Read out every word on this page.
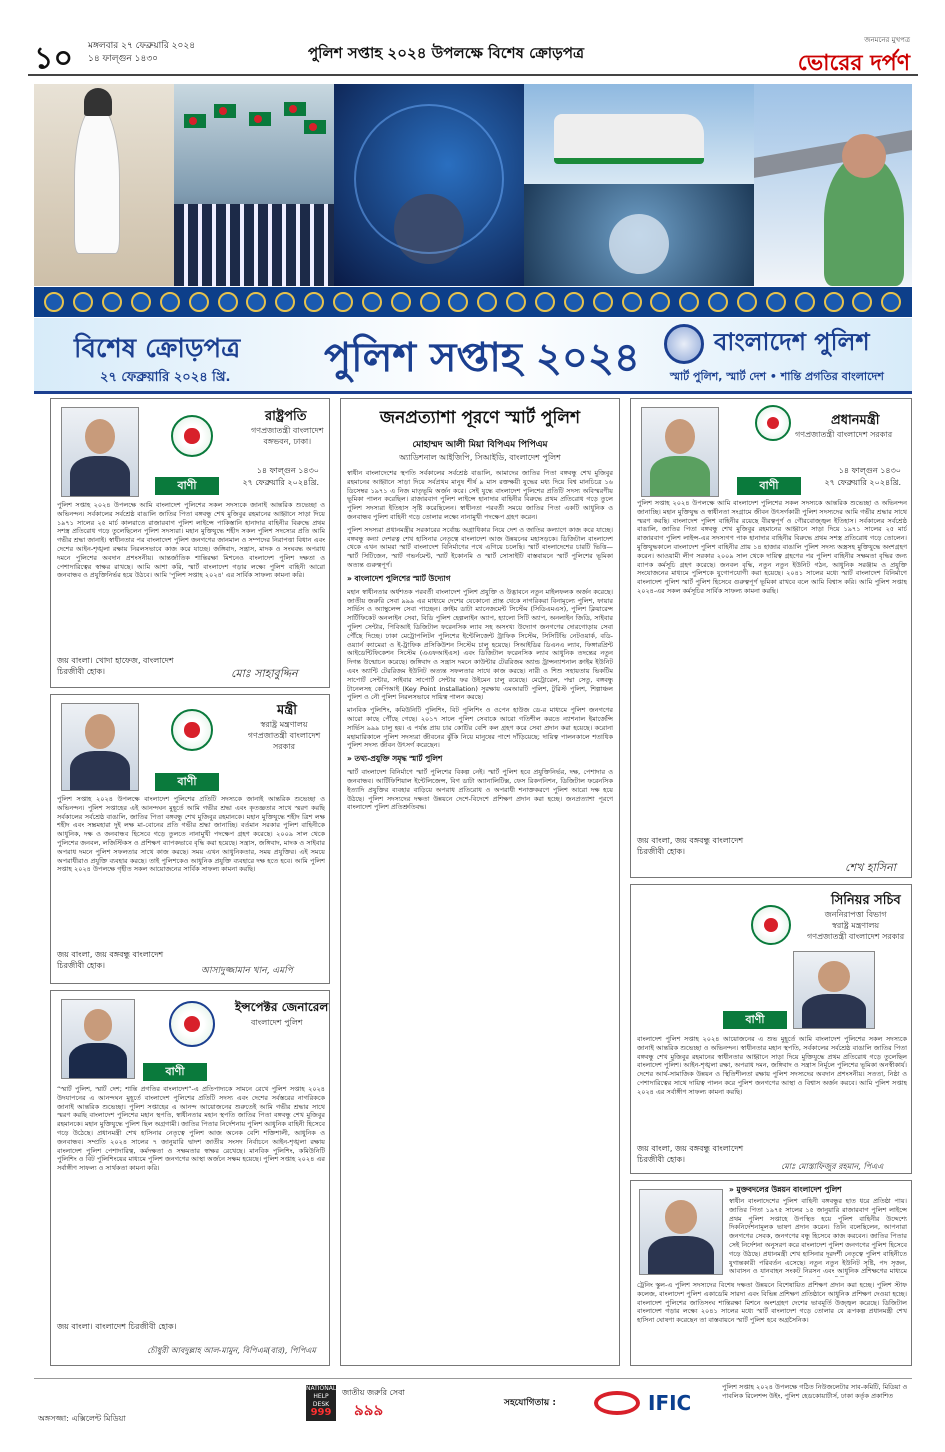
১০ মঙ্গলবার ২৭ ফেব্রুয়ারি ২০২৪
১৪ ফাল্গুন ১৪৩০	পুলিশ সপ্তাহ ২০২৪ উপলক্ষে বিশেষ ক্রোড়পত্র
জনমনের মুখপত্র
ভোরের দর্পণ
বিশেষ ক্রোড়পত্র
২৭ ফেব্রুয়ারি ২০২৪ খ্রি. পুলিশ সপ্তাহ ২০২৪	বাংলাদেশ পুলিশ
স্মার্ট পুলিশ, স্মার্ট দেশ • শান্তি প্রগতির বাংলাদেশ
রাষ্ট্রপতি
গণপ্রজাতন্ত্রী বাংলাদেশ
বঙ্গভবন, ঢাকা।
১৪ ফাল্গুন ১৪৩০
২৭ ফেব্রুয়ারি ২০২৪খ্রি.
বাণী
পুলিশ সপ্তাহ ২০২৪ উপলক্ষে আমি বাংলাদেশ পুলিশের সকল সদস্যকে জানাই আন্তরিক শুভেচ্ছা ও অভিনন্দন। সর্বকালের সর্বশ্রেষ্ঠ বাঙালি জাতির পিতা বঙ্গবন্ধু শেখ মুজিবুর রহমানের আহ্বানে সাড়া দিয়ে ১৯৭১ সালের ২৫ মার্চ কালরাতে রাজারবাগ পুলিশ লাইন্সে পাকিস্তানি হানাদার বাহিনীর বিরুদ্ধে প্রথম সশস্ত্র প্রতিরোধ গড়ে তুলেছিলেন পুলিশ সদস্যরা। মহান মুক্তিযুদ্ধে শহীদ সকল পুলিশ সদস্যের প্রতি আমি গভীর শ্রদ্ধা জানাই। স্বাধীনতার পর বাংলাদেশ পুলিশ জনগণের জানমাল ও সম্পদের নিরাপত্তা বিধান এবং দেশের আইন-শৃঙ্খলা রক্ষায় নিরলসভাবে কাজ করে যাচ্ছে। জঙ্গিবাদ, সন্ত্রাস, মাদক ও সংঘবদ্ধ অপরাধ দমনে পুলিশের অবদান প্রশংসনীয়। আন্তর্জাতিক শান্তিরক্ষা মিশনেও বাংলাদেশ পুলিশ দক্ষতা ও পেশাদারিত্বের স্বাক্ষর রাখছে। আমি আশা করি, স্মার্ট বাংলাদেশ গড়ার লক্ষ্যে পুলিশ বাহিনী আরো জনবান্ধব ও প্রযুক্তিনির্ভর হয়ে উঠবে। আমি 'পুলিশ সপ্তাহ ২০২৪' এর সার্বিক সাফল্য কামনা করি।
জয় বাংলা। খোদা হাফেজ, বাংলাদেশ চিরজীবী হোক।	মোঃ সাহাবুদ্দিন
মন্ত্রী
স্বরাষ্ট্র মন্ত্রণালয়
গণপ্রজাতন্ত্রী বাংলাদেশ সরকার
বাণী
পুলিশ সপ্তাহ ২০২৪ উপলক্ষে বাংলাদেশ পুলিশের প্রতিটি সদস্যকে জানাই আন্তরিক শুভেচ্ছা ও অভিনন্দন। পুলিশ সপ্তাহের এই আনন্দঘন মুহূর্তে আমি গভীর শ্রদ্ধা এবং কৃতজ্ঞতার সাথে স্মরণ করছি সর্বকালের সর্বশ্রেষ্ঠ বাঙালি, জাতির পিতা বঙ্গবন্ধু শেখ মুজিবুর রহমানকে। মহান মুক্তিযুদ্ধে শহীদ ত্রিশ লক্ষ শহীদ এবং সম্ভ্রমহারা দুই লক্ষ মা-বোনের প্রতি গভীর শ্রদ্ধা জানাচ্ছি। বর্তমান সরকার পুলিশ বাহিনীকে আধুনিক, দক্ষ ও জনবান্ধব হিসেবে গড়ে তুলতে নানামুখী পদক্ষেপ গ্রহণ করেছে। ২০০৯ সাল থেকে পুলিশের জনবল, লজিস্টিকস ও প্রশিক্ষণ ব্যাপকভাবে বৃদ্ধি করা হয়েছে। সন্ত্রাস, জঙ্গিবাদ, মাদক ও সাইবার অপরাধ দমনে পুলিশ সফলতার সাথে কাজ করছে। সময় এখন আধুনিকতার, সময় প্রযুক্তির। এই সময়ে অপরাধীরাও প্রযুক্তি ব্যবহার করছে। তাই পুলিশকেও আধুনিক প্রযুক্তি ব্যবহারে দক্ষ হতে হবে। আমি পুলিশ সপ্তাহ ২০২৪ উপলক্ষে গৃহীত সকল আয়োজনের সার্বিক সাফল্য কামনা করছি।
জয় বাংলা, জয় বঙ্গবন্ধু বাংলাদেশ চিরজীবী হোক।
আসাদুজ্জামান খান, এমপি
ইন্সপেক্টর জেনারেল
বাংলাদেশ পুলিশ
বাণী
“স্মার্ট পুলিশ, স্মার্ট দেশ; শান্তি প্রগতির বাংলাদেশ”-এ প্রতিপাদ্যকে সামনে রেখে পুলিশ সপ্তাহ ২০২৪ উদযাপনের এ আনন্দঘন মুহূর্তে বাংলাদেশ পুলিশের প্রতিটি সদস্য এবং দেশের সর্বস্তরের নাগরিককে জানাই আন্তরিক শুভেচ্ছা। পুলিশ সপ্তাহের এ আনন্দ আয়োজনের শুরুতেই আমি গভীর শ্রদ্ধার সাথে স্মরণ করছি বাংলাদেশ পুলিশের মহান স্থপতি, স্বাধীনতার মহান স্থপতি জাতির পিতা বঙ্গবন্ধু শেখ মুজিবুর রহমানকে। মহান মুক্তিযুদ্ধে পুলিশ ছিল অগ্রগামী। জাতির পিতার নির্দেশনায় পুলিশ আধুনিক বাহিনী হিসেবে গড়ে উঠেছে। প্রধানমন্ত্রী শেখ হাসিনার নেতৃত্বে পুলিশ আজ অনেক বেশি শক্তিশালী, আধুনিক ও জনবান্ধব। সম্প্রতি ২০২৪ সালের ৭ জানুয়ারি দ্বাদশ জাতীয় সংসদ নির্বাচনে আইন-শৃঙ্খলা রক্ষায় বাংলাদেশ পুলিশ পেশাদারিত্ব, কর্মদক্ষতা ও সক্ষমতার স্বাক্ষর রেখেছে। মানবিক পুলিশিং, কমিউনিটি পুলিশিং ও বিট পুলিশিংয়ের মাধ্যমে পুলিশ জনগণের আস্থা অর্জনে সক্ষম হয়েছে। পুলিশ সপ্তাহ ২০২৪ এর সর্বাঙ্গীণ সাফল্য ও সার্থকতা কামনা করি।
জয় বাংলা। বাংলাদেশ চিরজীবী হোক।
চৌধুরী আবদুল্লাহ আল-মামুন, বিপিএম(বার), পিপিএম
জনপ্রত্যাশা পূরণে স্মার্ট পুলিশ
মোহাম্মদ আলী মিয়া বিপিএম পিপিএম
অ্যাডিশনাল আইজিপি, সিআইডি, বাংলাদেশ পুলিশ
স্বাধীন বাংলাদেশের স্থপতি সর্বকালের সর্বশ্রেষ্ঠ বাঙালি, আমাদের জাতির পিতা বঙ্গবন্ধু শেখ মুজিবুর রহমানের আহ্বানে সাড়া দিয়ে সর্বপ্রথম মানুষ শীর্ষ ৯ মাস রক্তক্ষয়ী যুদ্ধের মধ্য দিয়ে বিশ্ব মানচিত্রে ১৬ ডিসেম্বর ১৯৭১ এ নিজ মাতৃভূমি অর্জন করে। সেই যুদ্ধে বাংলাদেশ পুলিশের প্রতিটি সদস্য অবিস্মরণীয় ভূমিকা পালন করেছিল। রাজারবাগ পুলিশ লাইন্সে হানাদার বাহিনীর বিরুদ্ধে প্রথম প্রতিরোধ গড়ে তুলে পুলিশ সদস্যরা ইতিহাস সৃষ্টি করেছিলেন। স্বাধীনতা পরবর্তী সময়ে জাতির পিতা একটি আধুনিক ও জনবান্ধব পুলিশ বাহিনী গড়ে তোলার লক্ষ্যে নানামুখী পদক্ষেপ গ্রহণ করেন।
পুলিশ সদস্যরা প্রধানমন্ত্রীর সরকারের সর্বোচ্চ অগ্রাধিকার নিয়ে দেশ ও জাতির কল্যাণে কাজ করে যাচ্ছে। বঙ্গবন্ধু কন্যা দেশরত্ন শেখ হাসিনার নেতৃত্বে বাংলাদেশ আজ উন্নয়নের মহাসড়কে। ডিজিটাল বাংলাদেশ থেকে এখন আমরা স্মার্ট বাংলাদেশ বিনির্মাণের পথে এগিয়ে চলেছি। স্মার্ট বাংলাদেশের চারটি ভিত্তি—স্মার্ট সিটিজেন, স্মার্ট গভর্নমেন্ট, স্মার্ট ইকোনমি ও স্মার্ট সোসাইটি বাস্তবায়নে স্মার্ট পুলিশের ভূমিকা অত্যন্ত গুরুত্বপূর্ণ।
» বাংলাদেশ পুলিশের স্মার্ট উদ্যোগ
মহান স্বাধীনতার অর্ধশতক পরবর্তী বাংলাদেশ পুলিশ প্রযুক্তি ও উদ্ভাবনে নতুন মাইলফলক অর্জন করেছে। জাতীয় জরুরি সেবা ৯৯৯ এর মাধ্যমে দেশের যেকোনো প্রান্ত থেকে নাগরিকরা বিনামূল্যে পুলিশ, ফায়ার সার্ভিস ও অ্যাম্বুলেন্স সেবা পাচ্ছেন। ক্রাইম ডাটা ম্যানেজমেন্ট সিস্টেম (সিডিএমএস), পুলিশ ক্লিয়ারেন্স সার্টিফিকেট অনলাইন সেবা, বিডি পুলিশ হেল্পলাইন অ্যাপ, হ্যালো সিটি অ্যাপ, অনলাইন জিডি, সাইবার পুলিশ সেন্টার, পিবিআই ডিজিটাল ফরেনসিক ল্যাব সহ অসংখ্য উদ্যোগ জনগণের দোরগোড়ায় সেবা পৌঁছে দিচ্ছে। ঢাকা মেট্রোপলিটন পুলিশের ইন্টেলিজেন্ট ট্রাফিক সিস্টেম, সিসিটিভি নেটওয়ার্ক, বডি-ওয়্যার্ন ক্যামেরা ও ই-ট্রাফিক প্রসিকিউশন সিস্টেম চালু হয়েছে। সিআইডির ডিএনএ ল্যাব, ফিঙ্গারপ্রিন্ট আইডেন্টিফিকেশন সিস্টেম (এএফআইএস) এবং ডিজিটাল ফরেনসিক ল্যাব আধুনিক তদন্তের নতুন দিগন্ত উন্মোচন করেছে। জঙ্গিবাদ ও সন্ত্রাস দমনে কাউন্টার টেররিজম অ্যান্ড ট্রান্সন্যাশনাল ক্রাইম ইউনিট এবং অ্যান্টি টেররিজম ইউনিট অত্যন্ত সফলতার সাথে কাজ করছে। নারী ও শিশু সহায়তায় ভিকটিম সাপোর্ট সেন্টার, সাইবার সাপোর্ট সেন্টার ফর উইমেন চালু রয়েছে। মেট্রোরেল, পদ্মা সেতু, বঙ্গবন্ধু টানেলসহ কেপিআই (Key Point Installation) সুরক্ষায় এমআরটি পুলিশ, টুরিস্ট পুলিশ, শিল্পাঞ্চল পুলিশ ও নৌ পুলিশ নিরলসভাবে দায়িত্ব পালন করছে।
মানবিক পুলিশিং, কমিউনিটি পুলিশিং, বিট পুলিশিং ও ওপেন হাউজ ডে-র মাধ্যমে পুলিশ জনগণের আরো কাছে পৌঁছে গেছে। ২০১৭ সালে পুলিশ সেবাকে আরো গতিশীল করতে ন্যাশনাল ইমার্জেন্সি সার্ভিস ৯৯৯ চালু হয়। এ পর্যন্ত প্রায় চার কোটির বেশি কল গ্রহণ করে সেবা প্রদান করা হয়েছে। করোনা মহামারিকালে পুলিশ সদস্যরা জীবনের ঝুঁকি নিয়ে মানুষের পাশে দাঁড়িয়েছে; দায়িত্ব পালনকালে শতাধিক পুলিশ সদস্য জীবন উৎসর্গ করেছেন।
» তথ্য-প্রযুক্তি সমৃদ্ধ স্মার্ট পুলিশ
স্মার্ট বাংলাদেশ বিনির্মাণে স্মার্ট পুলিশের বিকল্প নেই। স্মার্ট পুলিশ হবে প্রযুক্তিনির্ভর, দক্ষ, পেশাদার ও জনবান্ধব। আর্টিফিশিয়াল ইন্টেলিজেন্স, বিগ ডাটা অ্যানালিটিক্স, ফেস রিকগনিশন, ডিজিটাল ফরেনসিক ইত্যাদি প্রযুক্তির ব্যবহার বাড়িয়ে অপরাধ প্রতিরোধ ও অপরাধী শনাক্তকরণে পুলিশ আরো দক্ষ হয়ে উঠছে। পুলিশ সদস্যদের দক্ষতা উন্নয়নে দেশে-বিদেশে প্রশিক্ষণ প্রদান করা হচ্ছে। জনপ্রত্যাশা পূরণে বাংলাদেশ পুলিশ প্রতিশ্রুতিবদ্ধ।
প্রধানমন্ত্রী
গণপ্রজাতন্ত্রী বাংলাদেশ সরকার
১৪ ফাল্গুন ১৪৩০
২৭ ফেব্রুয়ারি ২০২৪খ্রি.
বাণী
পুলিশ সপ্তাহ ২০২৪ উপলক্ষে আমি বাংলাদেশ পুলিশের সকল সদস্যকে আন্তরিক শুভেচ্ছা ও অভিনন্দন জানাচ্ছি। মহান মুক্তিযুদ্ধ ও স্বাধীনতা সংগ্রামে জীবন উৎসর্গকারী পুলিশ সদস্যদের আমি গভীর শ্রদ্ধার সাথে স্মরণ করছি। বাংলাদেশ পুলিশ বাহিনীর রয়েছে বীরত্বপূর্ণ ও গৌরবোজ্জ্বল ইতিহাস। সর্বকালের সর্বশ্রেষ্ঠ বাঙালি, জাতির পিতা বঙ্গবন্ধু শেখ মুজিবুর রহমানের আহ্বানে সাড়া দিয়ে ১৯৭১ সালের ২৫ মার্চ রাজারবাগ পুলিশ লাইন্স-এর সদস্যগণ পাক হানাদার বাহিনীর বিরুদ্ধে প্রথম সশস্ত্র প্রতিরোধ গড়ে তোলেন। মুক্তিযুদ্ধকালে বাংলাদেশ পুলিশ বাহিনীর প্রায় ১৪ হাজার বাঙালি পুলিশ সদস্য অস্ত্রসহ মুক্তিযুদ্ধে অংশগ্রহণ করেন। আওয়ামী লীগ সরকার ২০০৯ সাল থেকে দায়িত্ব গ্রহণের পর পুলিশ বাহিনীর সক্ষমতা বৃদ্ধির জন্য ব্যাপক কর্মসূচি গ্রহণ করেছে। জনবল বৃদ্ধি, নতুন নতুন ইউনিট গঠন, আধুনিক সরঞ্জাম ও প্রযুক্তি সংযোজনের মাধ্যমে পুলিশকে যুগোপযোগী করা হয়েছে। ২০৪১ সালের মধ্যে স্মার্ট বাংলাদেশ বিনির্মাণে বাংলাদেশ পুলিশ স্মার্ট পুলিশ হিসেবে গুরুত্বপূর্ণ ভূমিকা রাখবে বলে আমি বিশ্বাস করি। আমি পুলিশ সপ্তাহ ২০২৪-এর সকল কর্মসূচির সার্বিক সাফল্য কামনা করছি।
জয় বাংলা, জয় বঙ্গবন্ধু বাংলাদেশ চিরজীবী হোক।
শেখ হাসিনা
সিনিয়র সচিব
জননিরাপত্তা বিভাগ
স্বরাষ্ট্র মন্ত্রণালয়
গণপ্রজাতন্ত্রী বাংলাদেশ সরকার
বাণী
বাংলাদেশ পুলিশ সপ্তাহ ২০২৪ আয়োজনের এ শুভ মুহূর্তে আমি বাংলাদেশ পুলিশের সকল সদস্যকে জানাই আন্তরিক শুভেচ্ছা ও অভিনন্দন। স্বাধীনতার মহান স্থপতি, সর্বকালের সর্বশ্রেষ্ঠ বাঙালি জাতির পিতা বঙ্গবন্ধু শেখ মুজিবুর রহমানের স্বাধীনতার আহ্বানে সাড়া দিয়ে মুক্তিযুদ্ধে প্রথম প্রতিরোধ গড়ে তুলেছিল বাংলাদেশ পুলিশ। আইন-শৃঙ্খলা রক্ষা, অপরাধ দমন, জঙ্গিবাদ ও সন্ত্রাস নির্মূলে পুলিশের ভূমিকা অনস্বীকার্য। দেশের আর্থ-সামাজিক উন্নয়ন ও স্থিতিশীলতা রক্ষায় পুলিশ সদস্যদের অবদান প্রশংসনীয়। সততা, নিষ্ঠা ও পেশাদারিত্বের সাথে দায়িত্ব পালন করে পুলিশ জনগণের আস্থা ও বিশ্বাস অর্জন করবে। আমি পুলিশ সপ্তাহ ২০২৪ এর সর্বাঙ্গীণ সাফল্য কামনা করছি।
জয় বাংলা, জয় বঙ্গবন্ধু বাংলাদেশ চিরজীবী হোক।
মোঃ মোস্তাফিজুর রহমান, পিএএ
» মুক্তবদলের উন্নয়ন বাংলাদেশ পুলিশ
স্বাধীন বাংলাদেশের পুলিশ বাহিনী বঙ্গবন্ধুর হাত ধরে প্রতিষ্ঠা পায়। জাতির পিতা ১৯৭৫ সালের ১৫ জানুয়ারি রাজারবাগ পুলিশ লাইন্সে প্রথম পুলিশ সপ্তাহে উপস্থিত হয়ে পুলিশ বাহিনীর উদ্দেশ্যে দিকনির্দেশনামূলক ভাষণ প্রদান করেন। তিনি বলেছিলেন, আপনারা জনগণের সেবক, জনগণের বন্ধু হিসেবে কাজ করবেন। জাতির পিতার সেই নির্দেশনা অনুসরণ করে বাংলাদেশ পুলিশ জনগণের পুলিশ হিসেবে গড়ে উঠছে। প্রধানমন্ত্রী শেখ হাসিনার দূরদর্শী নেতৃত্বে পুলিশ বাহিনীতে যুগান্তকারী পরিবর্তন এসেছে। নতুন নতুন ইউনিট সৃষ্টি, পদ সৃজন, আবাসন ও যানবাহন সংকট নিরসন এবং আধুনিক প্রশিক্ষণের মাধ্যমে
ট্রেনিং স্কুল-এ পুলিশ সদস্যদের বিশেষ দক্ষতা উন্নয়নে বিশেষায়িত প্রশিক্ষণ প্রদান করা হচ্ছে। পুলিশ স্টাফ কলেজ, বাংলাদেশ পুলিশ একাডেমি সারদা এবং বিভিন্ন প্রশিক্ষণ প্রতিষ্ঠানে আধুনিক প্রশিক্ষণ দেওয়া হচ্ছে। বাংলাদেশ পুলিশের জাতিসংঘ শান্তিরক্ষা মিশনে অংশগ্রহণ দেশের ভাবমূর্তি উজ্জ্বল করেছে। ডিজিটাল বাংলাদেশ গড়ার লক্ষ্যে ২০৪১ সালের মধ্যে স্মার্ট বাংলাদেশ গড়ে তোলার যে রূপকল্প প্রধানমন্ত্রী শেখ হাসিনা ঘোষণা করেছেন তা বাস্তবায়নে স্মার্ট পুলিশ হবে অগ্রসৈনিক।
NATIONAL HELP DESK
999
জাতীয় জরুরি সেবা
৯৯৯	সহযোগিতায় :	IFIC
পুলিশ সপ্তাহ ২০২৪ উপলক্ষে গঠিত নিউজলেটার সাব-কমিটি, মিডিয়া ও পাবলিক রিলেশন্স উইং, পুলিশ হেডকোয়ার্টার্স, ঢাকা কর্তৃক প্রকাশিত
অঙ্গসজ্জা: এক্সিলেন্ট মিডিয়া
